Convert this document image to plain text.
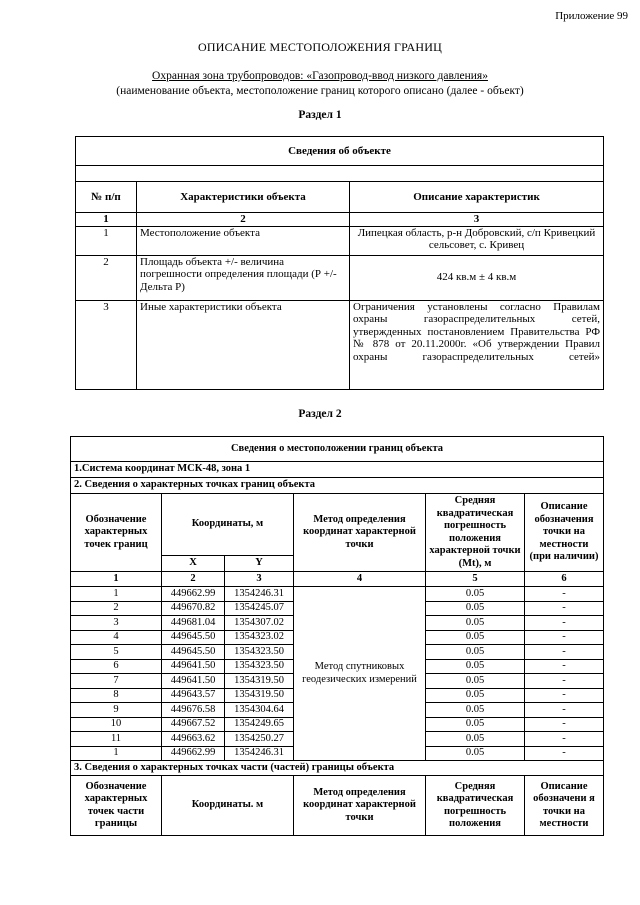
Приложение 99
ОПИСАНИЕ МЕСТОПОЛОЖЕНИЯ ГРАНИЦ
Охранная зона трубопроводов: «Газопровод-ввод низкого давления»
(наименование объекта, местоположение границ которого описано (далее - объект)
Раздел 1
Сведения об объекте		

№ п/п	Характеристики объекта	Описание характеристик
1	2	3
1	Местоположение объекта	Липецкая область, р-н Добровский, с/п Кривецкий сельсовет, с. Кривец
2	Площадь объекта +/- величина погрешности определения площади (Р +/- Дельта Р)	424 кв.м ± 4 кв.м
3	Иные характеристики объекта	Ограничения установлены согласно Правилам охраны газораспределительных сетей, утвержденных постановлением Правительства РФ № 878 от 20.11.2000г. «Об утверждении Правил охраны газораспределительных сетей»
Раздел 2
Сведения о местоположении границ объекта					
1.Система координат МСК-48, зона 1					
2. Сведения о характерных точках границ объекта					
Обозначение характерных точек границ	Координаты, м		Метод определения координат характерной точки	Средняя квадратическая погрешность положения характерной точки (Mt), м	Описание обозначения точки на местности (при наличии)
	X	Y			
1	2	3	4	5	6
1	449662.99	1354246.31	Метод спутниковых геодезических измерений	0.05	-
2	449670.82	1354245.07		0.05	-
3	449681.04	1354307.02		0.05	-
4	449645.50	1354323.02		0.05	-
5	449645.50	1354323.50		0.05	-
6	449641.50	1354323.50		0.05	-
7	449641.50	1354319.50		0.05	-
8	449643.57	1354319.50		0.05	-
9	449676.58	1354304.64		0.05	-
10	449667.52	1354249.65		0.05	-
11	449663.62	1354250.27		0.05	-
1	449662.99	1354246.31		0.05	-
3. Сведения о характерных точках части (частей) границы объекта					
Обозначение характерных точек части границы	Координаты. м		Метод определения координат характерной точки	Средняя квадратическая погрешность положения	Описание обозначени я точки на местности
